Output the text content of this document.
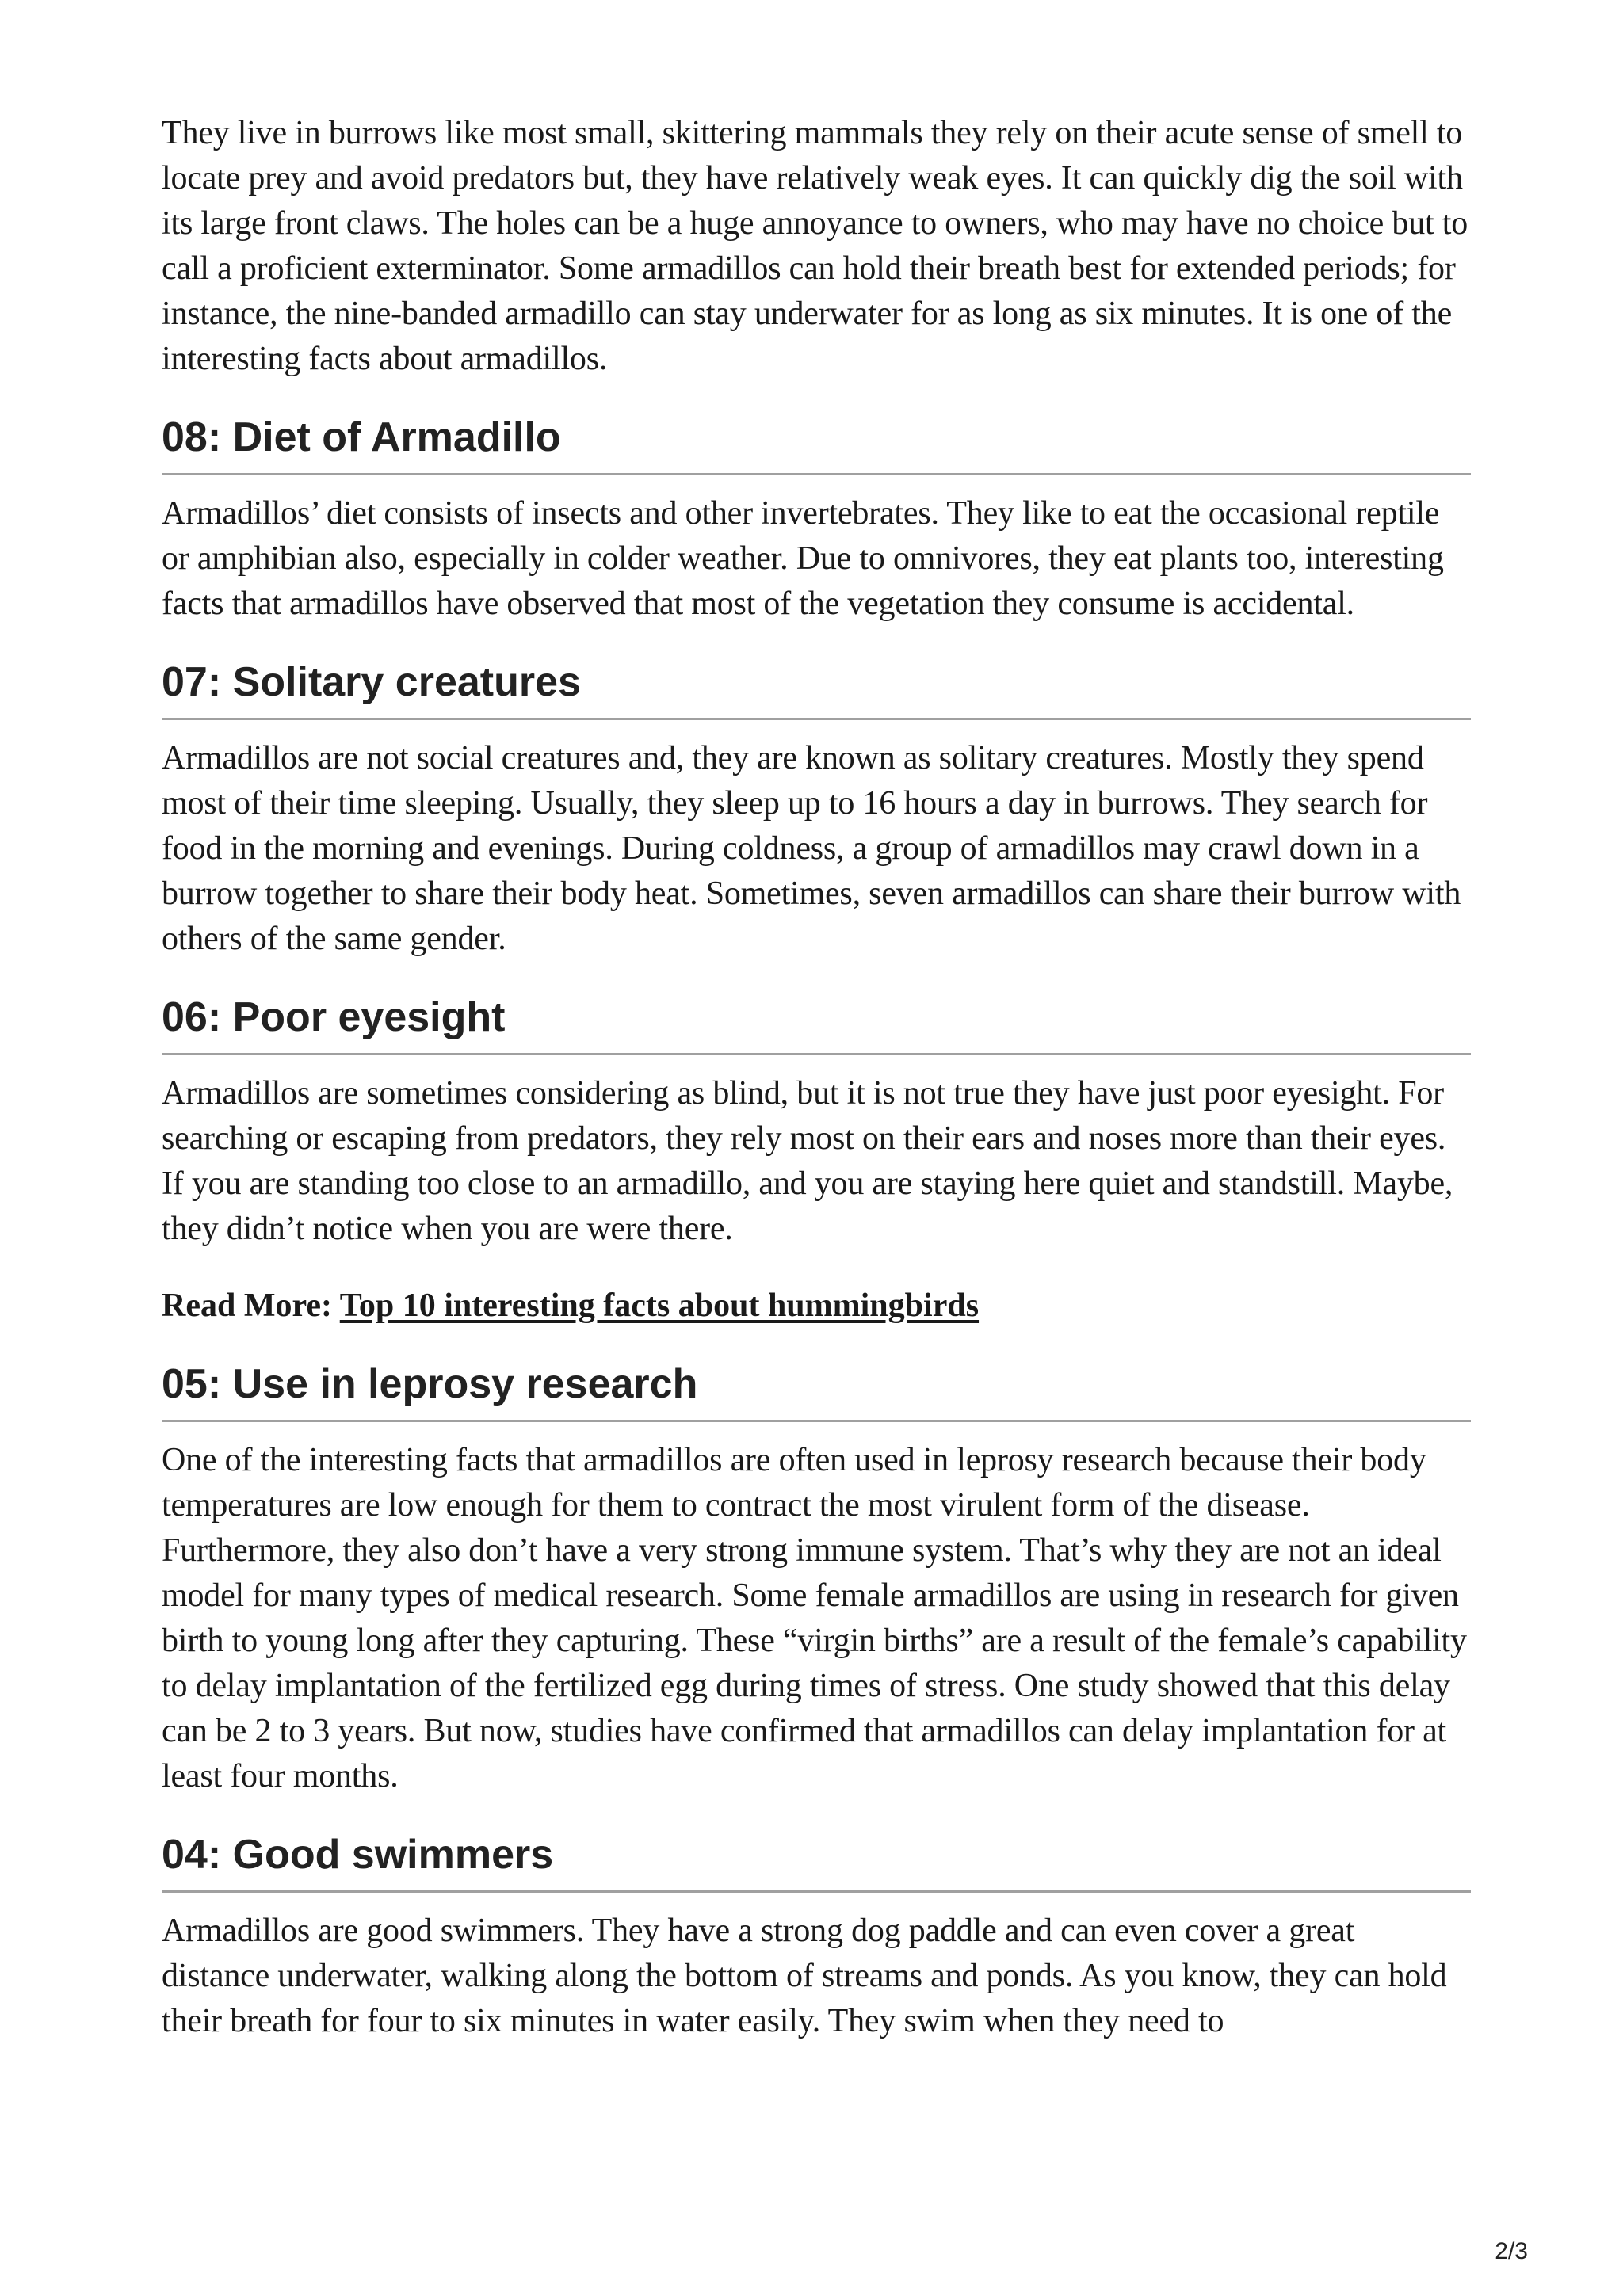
They live in burrows like most small, skittering mammals they rely on their acute sense of smell to locate prey and avoid predators but, they have relatively weak eyes. It can quickly dig the soil with its large front claws. The holes can be a huge annoyance to owners, who may have no choice but to call a proficient exterminator. Some armadillos can hold their breath best for extended periods; for instance, the nine-banded armadillo can stay underwater for as long as six minutes. It is one of the interesting facts about armadillos.

08: Diet of Armadillo

Armadillos’ diet consists of insects and other invertebrates. They like to eat the occasional reptile or amphibian also, especially in colder weather. Due to omnivores, they eat plants too, interesting facts that armadillos have observed that most of the vegetation they consume is accidental.

07: Solitary creatures

Armadillos are not social creatures and, they are known as solitary creatures. Mostly they spend most of their time sleeping. Usually, they sleep up to 16 hours a day in burrows. They search for food in the morning and evenings. During coldness, a group of armadillos may crawl down in a burrow together to share their body heat. Sometimes, seven armadillos can share their burrow with others of the same gender.

06: Poor eyesight

Armadillos are sometimes considering as blind, but it is not true they have just poor eyesight. For searching or escaping from predators, they rely most on their ears and noses more than their eyes. If you are standing too close to an armadillo, and you are staying here quiet and standstill. Maybe, they didn’t notice when you are were there.

Read More: Top 10 interesting facts about hummingbirds

05: Use in leprosy research

One of the interesting facts that armadillos are often used in leprosy research because their body temperatures are low enough for them to contract the most virulent form of the disease. Furthermore, they also don’t have a very strong immune system. That’s why they are not an ideal model for many types of medical research. Some female armadillos are using in research for given birth to young long after they capturing. These “virgin births” are a result of the female’s capability to delay implantation of the fertilized egg during times of stress. One study showed that this delay can be 2 to 3 years. But now, studies have confirmed that armadillos can delay implantation for at least four months.

04: Good swimmers

Armadillos are good swimmers. They have a strong dog paddle and can even cover a great distance underwater, walking along the bottom of streams and ponds. As you know, they can hold their breath for four to six minutes in water easily. They swim when they need to

2/3
